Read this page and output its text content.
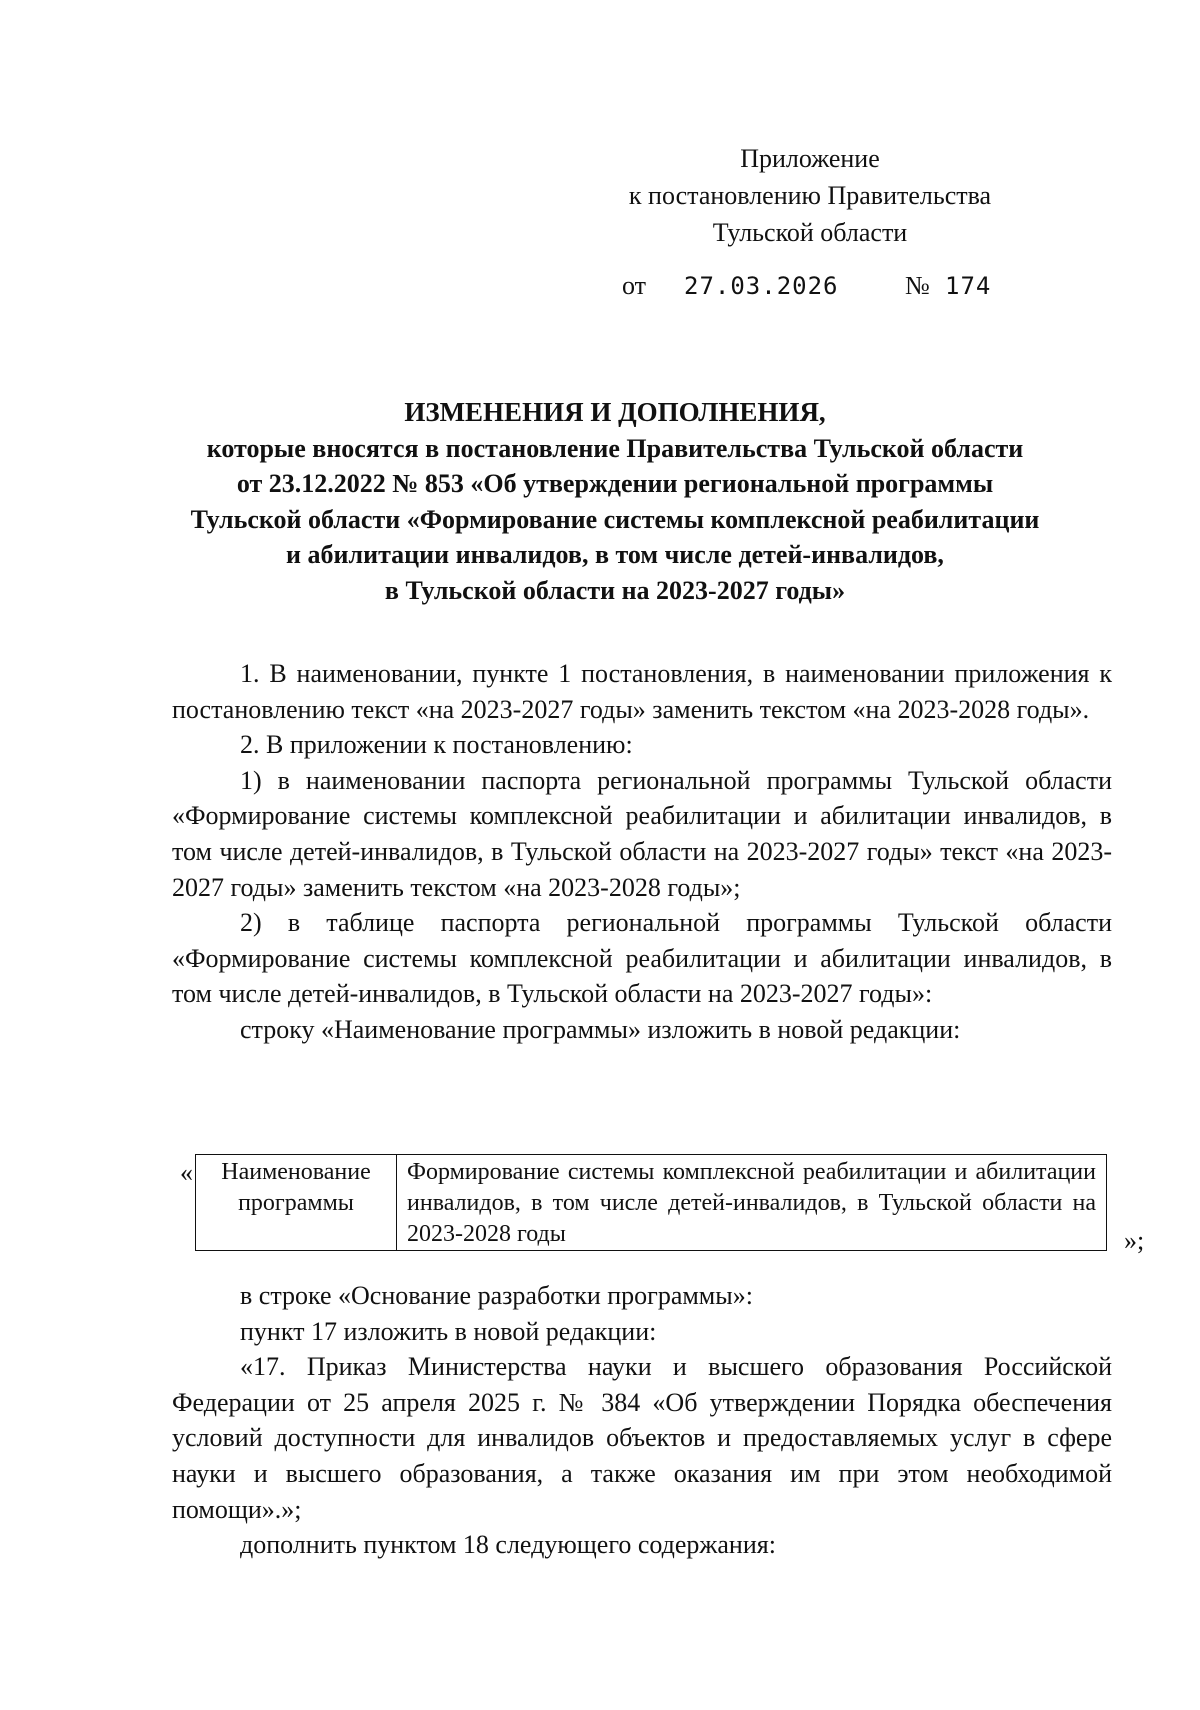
Приложение
к постановлению Правительства
Тульской области
от 27.03.2026	№ 174
ИЗМЕНЕНИЯ И ДОПОЛНЕНИЯ,
которые вносятся в постановление Правительства Тульской области
от 23.12.2022 № 853 «Об утверждении региональной программы
Тульской области «Формирование системы комплексной реабилитации
и абилитации инвалидов, в том числе детей-инвалидов,
в Тульской области на 2023-2027 годы»

1. В наименовании, пункте 1 постановления, в наименовании приложения к постановлению текст «на 2023-2027 годы» заменить текстом «на 2023-2028 годы».

2. В приложении к постановлению:

1) в наименовании паспорта региональной программы Тульской области «Формирование системы комплексной реабилитации и абилитации инвалидов, в том числе детей-инвалидов, в Тульской области на 2023-2027 годы» текст «на 2023-2027 годы» заменить текстом «на 2023-2028 годы»;

2) в таблице паспорта региональной программы Тульской области «Формирование системы комплексной реабилитации и абилитации инвалидов, в том числе детей-инвалидов, в Тульской области на 2023-2027 годы»:

строку «Наименование программы» изложить в новой редакции:

« Наименование программы	Формирование системы комплексной реабилитации и абилитации инвалидов, в том числе детей-инвалидов, в Тульской области на 2023-2028 годы	»;

в строке «Основание разработки программы»:

пункт 17 изложить в новой редакции:

«17. Приказ Министерства науки и высшего образования Российской Федерации от 25 апреля 2025 г. № 384 «Об утверждении Порядка обеспечения условий доступности для инвалидов объектов и предоставляемых услуг в сфере науки и высшего образования, а также оказания им при этом необходимой помощи».»;

дополнить пунктом 18 следующего содержания:
